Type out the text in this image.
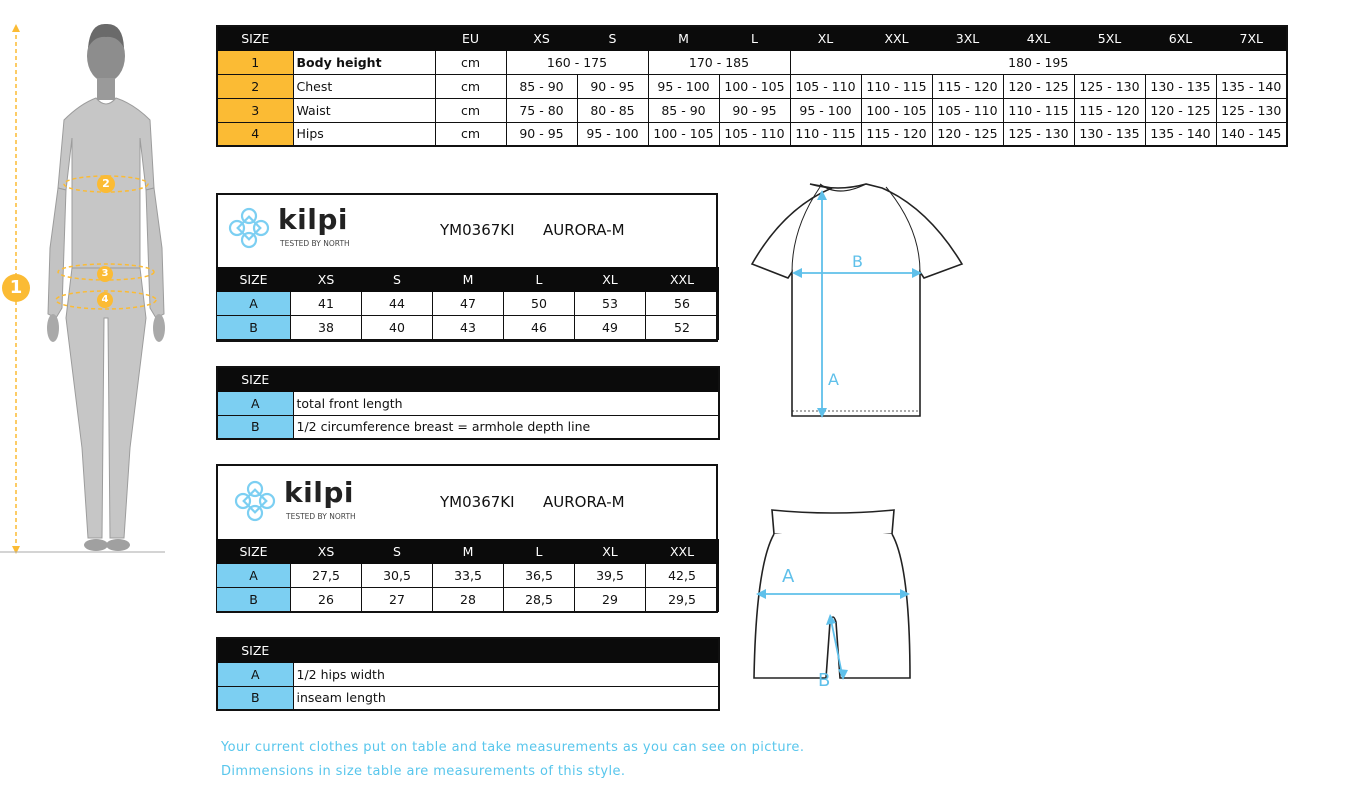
1
2
3
4
SIZE		EU	XS	S	M	L	XL	XXL	3XL	4XL	5XL	6XL	7XL
1	Body height	cm	160 - 175		170 - 185		180 - 195						
2	Chest	cm	85 - 90	90 - 95	95 - 100	100 - 105	105 - 110	110 - 115	115 - 120	120 - 125	125 - 130	130 - 135	135 - 140
3	Waist	cm	75 - 80	80 - 85	85 - 90	90 - 95	95 - 100	100 - 105	105 - 110	110 - 115	115 - 120	120 - 125	125 - 130
4	Hips	cm	90 - 95	95 - 100	100 - 105	105 - 110	110 - 115	115 - 120	120 - 125	125 - 130	130 - 135	135 - 140	140 - 145
kilpi
TESTED BY NORTH
YM0367KI AURORA-M
SIZE	XS	S	M	L	XL	XXL
A	41	44	47	50	53	56
B	38	40	43	46	49	52
SIZE	
A	total front length
B	1/2 circumference breast = armhole depth line
B
A
kilpi
TESTED BY NORTH
YM0367KI AURORA-M
SIZE	XS	S	M	L	XL	XXL
A	27,5	30,5	33,5	36,5	39,5	42,5
B	26	27	28	28,5	29	29,5
SIZE	
A	1/2 hips width
B	inseam length
A
B
Your current clothes put on table and take measurements as you can see on picture.
Dimmensions in size table are measurements of this style.
